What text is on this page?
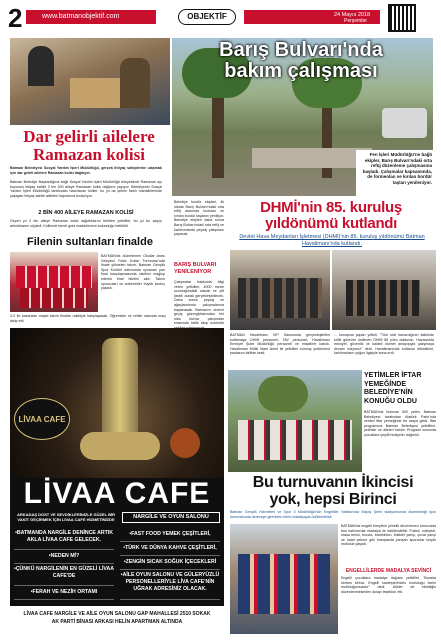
2	www.batmanobjektif.com	OBJEKTİF	24 Mayıs 2018
Perşembe
Barış Bulvarı'nda
bakım çalışması
Fen İşleri Müdürlüğü'ne bağlı ekipler, Barış Bulvarı'ndaki orta refüj düzenleme çalışmasına başladı. Çalışmalar kapsamında, de formeolan ve kırılan bordür taşları yenileniyor.
Dar gelirli ailelere
Ramazan kolisi
Batman Belediyesi Sosyal Yardım İşleri Müdürlüğü, gerçek ihtiyaç sahiplerine ulaşmak için dar gelirli ailelere Ramazan kolisi dağıtıyor.
Batman Belediye Başkanlığına bağlı Sosyal Yardım İşleri Müdürlüğü bünyesinde Ramazan ayı boyunca ihtiyaç sahibi 2 bin 400 aileye Ramazan kolisi dağıtımı yapıyor. Belediyenin Sosyal Yardım İşleri Müdürlüğü tarafından hazırlanan koliler, bu yıl da şehrin farklı mahallelerinde yaşayan ihtiyaç sahibi ailelerin kapılarına bırakılıyor.
2 BİN 400 AİLEYE RAMAZAN KOLİSİ
Geçen yıl 2 bin aileye Ramazan kolisi dağıttıklarını belirten yetkililer, bu yıl bu sayıyı artırdıklarını söyledi. Kolilerde temel gıda maddelerinin bulunduğu belirtildi.
Filenin sultanları finalde
BATMAN'da düzenlenen Okullar Arası Voleybol Yıldız Kızlar Turnuvası'nda finale yükselen takım, Batman Gençlik Spor Kulübü salonunda oynanan yarı final karşılaşmasında rakibini mağlup ederek final biletini aldı. Takım oyuncuları ve antrenörler büyük sevinç yaşadı.
3-0 ile kazanılan maçta takım finalde rakibiyle karşılaşacak. Öğrenciler ve veliler salonda maçı takip etti.
Belediye bordür ekipleri, ilk olarak Barış Bulvarı'ndaki orta refüj alanında bozulan ve kırılan bordür taşlarını yeniliyor. Belediye ekipleri daha sonra Barış Bulvarı'ndaki orta refüj ve kaldırımlarda peyzaj çalışması yapacak.
BARIŞ BULVARI YENİLENİYOR
Çalışmalar hakkında bilgi veren yetkililer, 4000 metre uzunluğundaki olacak ve çift taraflı olarak gerçekleştirilecek. Daha sonra peyzaj ve ağaçlandırma çalışmalarına başlanacak. Batman'ın önemli geçiş güzergâhlarından biri olan bulvar çalışmalar sırasında trafik akışı kontrollü
DHMİ'nin 85. kuruluş
yıldönümü kutlandı
Devlet Hava Meydanları İşletmesi (DHMİ)'nin 85. kuruluş yıldönümü Batman Havalimanı'nda kutlandı.
BATMAN Havalimanı VIP Salonunda gerçekleştirilen kutlamaya DHMİ personeli, TAV personeli, Havalimanı Emniyet Şube Müdürlüğü personeli ve misafirler katıldı. Havalimanı Mülki İdare Amiri ile yetkililer kuruluş yıldönümü pastasını birlikte kesti.
... konuşma yapan yetkili, "Türk sivil havacılığının kalbinde kritik görevler üstlenen DHMİ 85 yılını doldurdu. Havacılıkta emniyet, güvenlik ve kaliteli hizmet anlayışıyla çalışmaya devam ediyoruz" dedi. Havalimanında kutlama etkinlikleri, katılımcıların yoğun ilgisiyle sona erdi.
YETİMLER İFTAR
YEMEĞİNDE
BELEDİYE'NİN
KONUĞU OLDU
BATMAN'da bulunan 500 yetim, Batman Belediyesi tarafından Atatürk Parkı'nda verilen iftar yemeğinde bir araya geldi. İftar programına Batman Belediyesi yetkilileri, yetimler ve aileleri katıldı. Program sonunda çocuklara çeşitli hediyeler dağıtıldı.
Bu turnuvanın İkincisi
yok, hepsi Birinci
Batman Gençlik Hizmetleri ve Spor İl Müdürlüğü'nün Engelliler Haftası'nda Mapış Şehir stadyumunda düzenlediği spor turnuvasında dereceye girenlerin tümü madalyayla ödüllendirildi.
BATMAN'da engelli bireylere yönelik düzenlenen turnuvada tüm katılımcılar madalya ile ödüllendirildi. Futbol, voleybol, masa tenisi, boccia, badminton, bisiklet yarışı, çuval yarışı ve halat çekme gibi branşlarda yarışan sporcular büyük mutluluk yaşadı.
ENGELLİLERDE MADALYA SEVİNCİ
Engelli çocuklara madalya dağıtan yetkililer, "Burada herkes birinci. Engelli kardeşlerimizin mutluluğu bizim mutluluğumuzdur" dedi. Aileler de etkinliğin düzenlenmesinden dolayı teşekkür etti.
LİVAA CAFE
LİVAA CAFE
ARKADAŞ DOST VE SEVDİKLERİNİZLE GÜZEL BİR VAKİT GEÇİRMEK İÇİN LİVAA CAFE HİZMETİNİZDE	NARGİLE VE OYUN SALONU
•BATMANDA NARGİLE DENİNCE ARTIK AKLA LİVAA CAFE GELECEK.
•NEDEN Mİ?
•ÇÜNKÜ NARGİLENİN EN GÜZELİ LİVAA CAFE'DE
•FERAH VE NEZİH ORTAMI
•FAST FOOD YEMEK ÇEŞİTLERİ,
•TÜRK VE DÜNYA KAHVE ÇEŞİTLERİ,
•ZENGİN SICAK SOĞUK İÇECEKLERİ
•AİLE OYUN SALONU VE GÜLERYÜZLÜ PERSONELLERİYLE LİVA CAFE'NİN UĞRAK ADRESİNİZ OLACAK.
LİVAA CAFE NARGİLE VE AİLE OYUN SALONU GAP MAHALLESİ 2510 SOKAK
AK PARTİ BİNASI ARKASI HELİN APARTMAN ALTINDA
